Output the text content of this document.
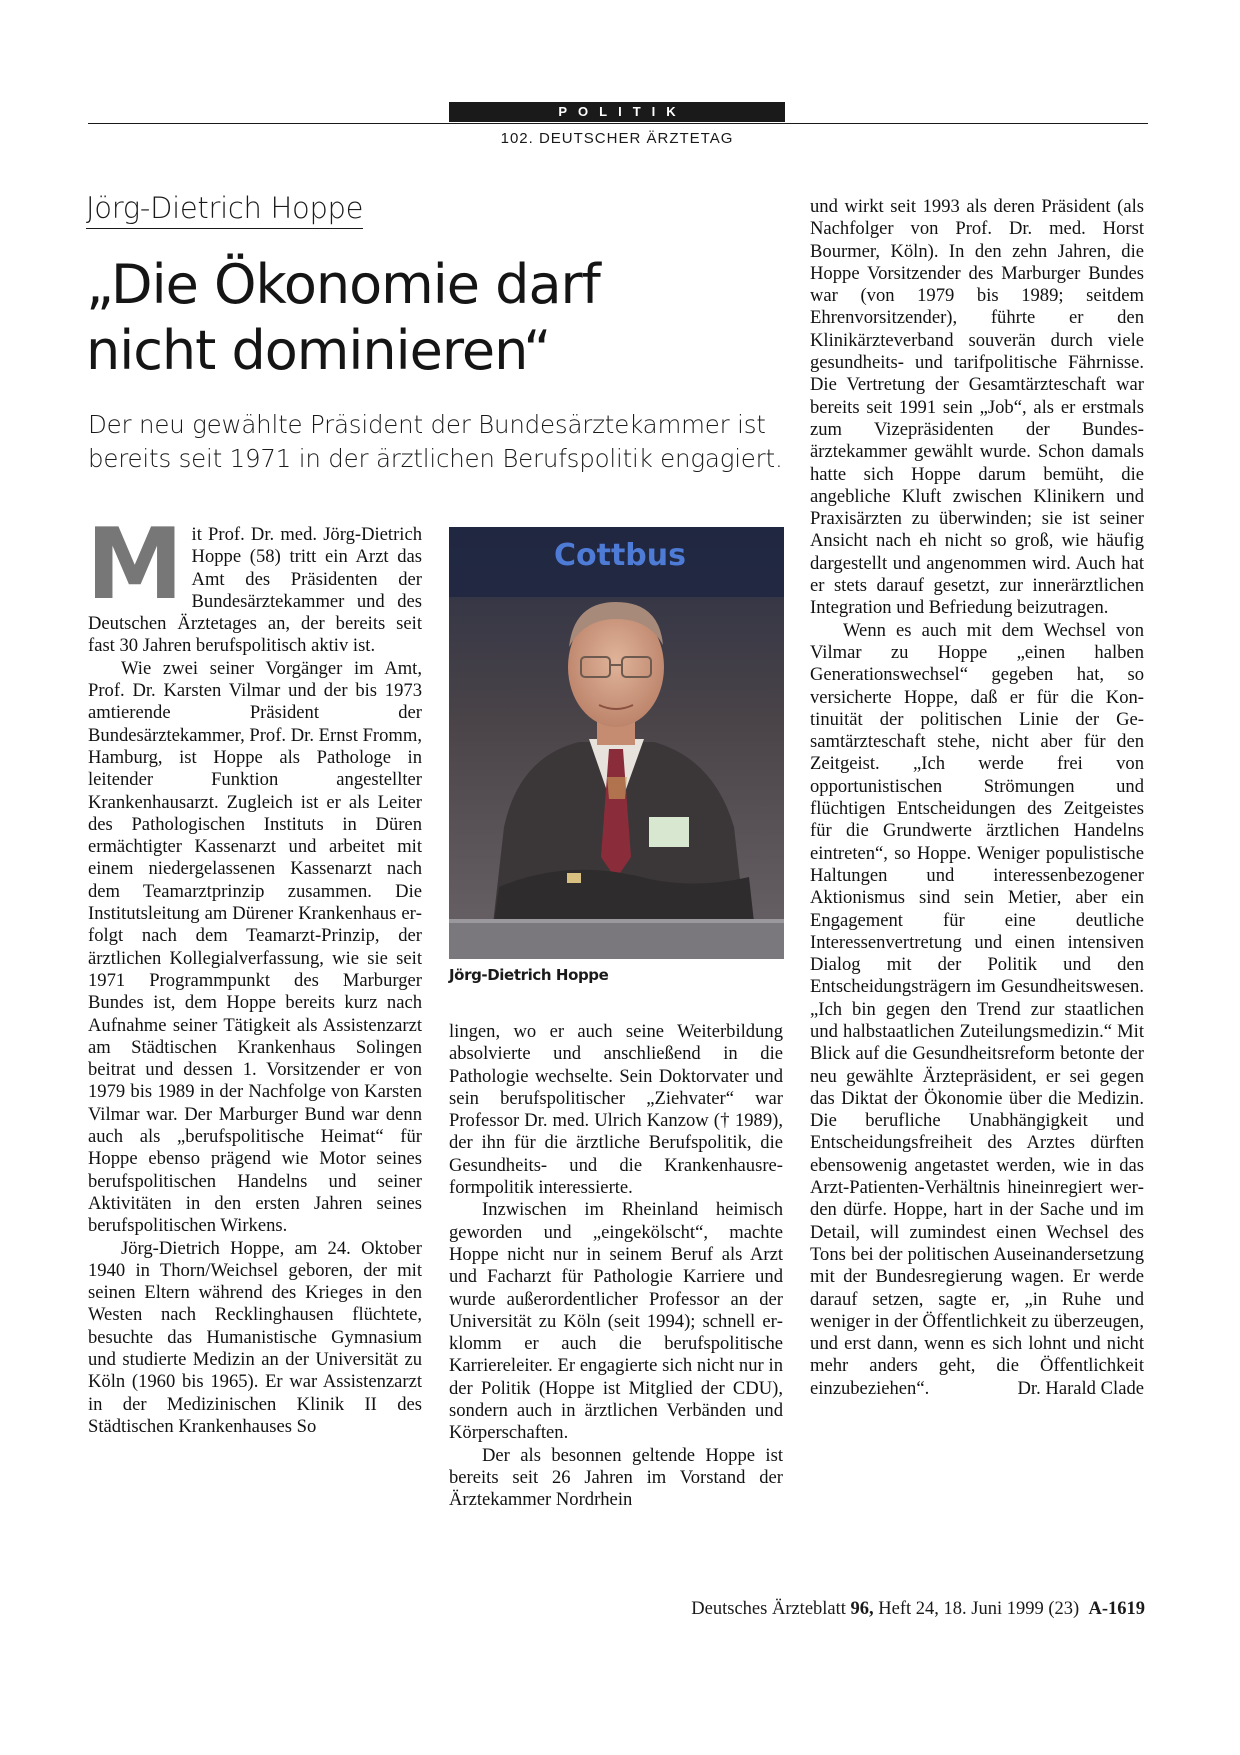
POLITIK
102. DEUTSCHER ÄRZTETAG
Jörg-Dietrich Hoppe
„Die Ökonomie darf
nicht dominieren“
Der neu gewählte Präsident der Bundesärztekammer ist
bereits seit 1971 in der ärztlichen Berufspolitik engagiert.

Mit Prof. Dr. med. Jörg-Dietrich Hoppe (58) tritt ein Arzt das Amt des Präsidenten der Bundesärztekammer und des Deutschen Ärztetages an, der bereits seit fast 30 Jahren berufspolitisch aktiv ist.

Wie zwei seiner Vorgänger im Amt, Prof. Dr. Karsten Vilmar und der bis 1973 amtierende Präsident der Bundesärztekammer, Prof. Dr. Ernst Fromm, Hamburg, ist Hoppe als Pathologe in leitender Funktion angestellter Krankenhausarzt. Zugleich ist er als Leiter des Pathologischen Instituts in Düren ermächtigter Kassenarzt und arbeitet mit einem niedergelassenen Kassenarzt nach dem Teamarztprinzip zusammen. Die Institutsleitung am Dürener Krankenhaus erfolgt nach dem Teamarzt-Prinzip, der ärztlichen Kollegialverfassung, wie sie seit 1971 Programmpunkt des Marburger Bundes ist, dem Hoppe bereits kurz nach Aufnahme seiner Tätigkeit als Assistenzarzt am Städtischen Krankenhaus Solingen beitrat und dessen 1. Vorsitzender er von 1979 bis 1989 in der Nachfolge von Karsten Vilmar war. Der Marburger Bund war denn auch als „berufspolitische Heimat“ für Hoppe ebenso prägend wie Motor seines berufspolitischen Handelns und seiner Aktivitäten in den ersten Jahren seines berufspolitischen Wirkens.

Jörg-Dietrich Hoppe, am 24. Oktober 1940 in Thorn/Weichsel geboren, der mit seinen Eltern während des Krieges in den Westen nach Recklinghausen flüchtete, besuchte das Humanistische Gymnasium und studierte Medizin an der Universität zu Köln (1960 bis 1965). Er war Assistenzarzt in der Medizinischen Klinik II des Städtischen Krankenhauses So

Cottbus
Jörg-Dietrich Hoppe

lingen, wo er auch seine Weiterbildung absolvierte und anschließend in die Pathologie wechselte. Sein Doktorvater und sein berufspolitischer „Ziehvater“ war Professor Dr. med. Ulrich Kanzow († 1989), der ihn für die ärztliche Berufspolitik, die Gesundheits- und die Krankenhausreformpolitik interessierte.

Inzwischen im Rheinland heimisch geworden und „eingekölscht“, machte Hoppe nicht nur in seinem Beruf als Arzt und Facharzt für Pathologie Karriere und wurde außerordentlicher Professor an der Universität zu Köln (seit 1994); schnell erklomm er auch die berufspolitische Karriereleiter. Er engagierte sich nicht nur in der Politik (Hoppe ist Mitglied der CDU), sondern auch in ärztlichen Verbänden und Körperschaften.

Der als besonnen geltende Hoppe ist bereits seit 26 Jahren im Vorstand der Ärztekammer Nordrhein

und wirkt seit 1993 als deren Präsident (als Nachfolger von Prof. Dr. med. Horst Bourmer, Köln). In den zehn Jahren, die Hoppe Vorsitzender des Marburger Bundes war (von 1979 bis 1989; seitdem Ehrenvorsitzender), führte er den Klinikärzteverband souverän durch viele gesundheits- und tarifpolitische Fährnisse. Die Vertretung der Gesamtärzteschaft war bereits seit 1991 sein „Job“, als er erstmals zum Vizepräsidenten der Bundesärztekammer gewählt wurde. Schon damals hatte sich Hoppe darum bemüht, die angebliche Kluft zwischen Klinikern und Praxisärzten zu überwinden; sie ist seiner Ansicht nach eh nicht so groß, wie häufig dargestellt und angenommen wird. Auch hat er stets darauf gesetzt, zur innerärztlichen Integration und Befriedung beizutragen.

Wenn es auch mit dem Wechsel von Vilmar zu Hoppe „einen halben Generationswechsel“ gegeben hat, so versicherte Hoppe, daß er für die Kontinuität der politischen Linie der Gesamtärzteschaft stehe, nicht aber für den Zeitgeist. „Ich werde frei von opportunistischen Strömungen und flüchtigen Entscheidungen des Zeitgeistes für die Grundwerte ärztlichen Handelns eintreten“, so Hoppe. Weniger populistische Haltungen und interessenbezogener Aktionismus sind sein Metier, aber ein Engagement für eine deutliche Interessenvertretung und einen intensiven Dialog mit der Politik und den Entscheidungsträgern im Gesundheitswesen. „Ich bin gegen den Trend zur staatlichen und halbstaatlichen Zuteilungsmedizin.“ Mit Blick auf die Gesundheitsreform betonte der neu gewählte Ärztepräsident, er sei gegen das Diktat der Ökonomie über die Medizin. Die berufliche Unabhängigkeit und Entscheidungsfreiheit des Arztes dürften ebensowenig angetastet werden, wie in das Arzt-Patienten-Verhältnis hineinregiert werden dürfe. Hoppe, hart in der Sache und im Detail, will zumindest einen Wechsel des Tons bei der politischen Auseinandersetzung mit der Bundesregierung wagen. Er werde darauf setzen, sagte er, „in Ruhe und weniger in der Öffentlichkeit zu überzeugen, und erst dann, wenn es sich lohnt und nicht mehr anders geht, die Öffentlichkeit einzubeziehen“.	Dr. Harald Clade

Deutsches Ärzteblatt 96, Heft 24, 18. Juni 1999 (23) A-1619
